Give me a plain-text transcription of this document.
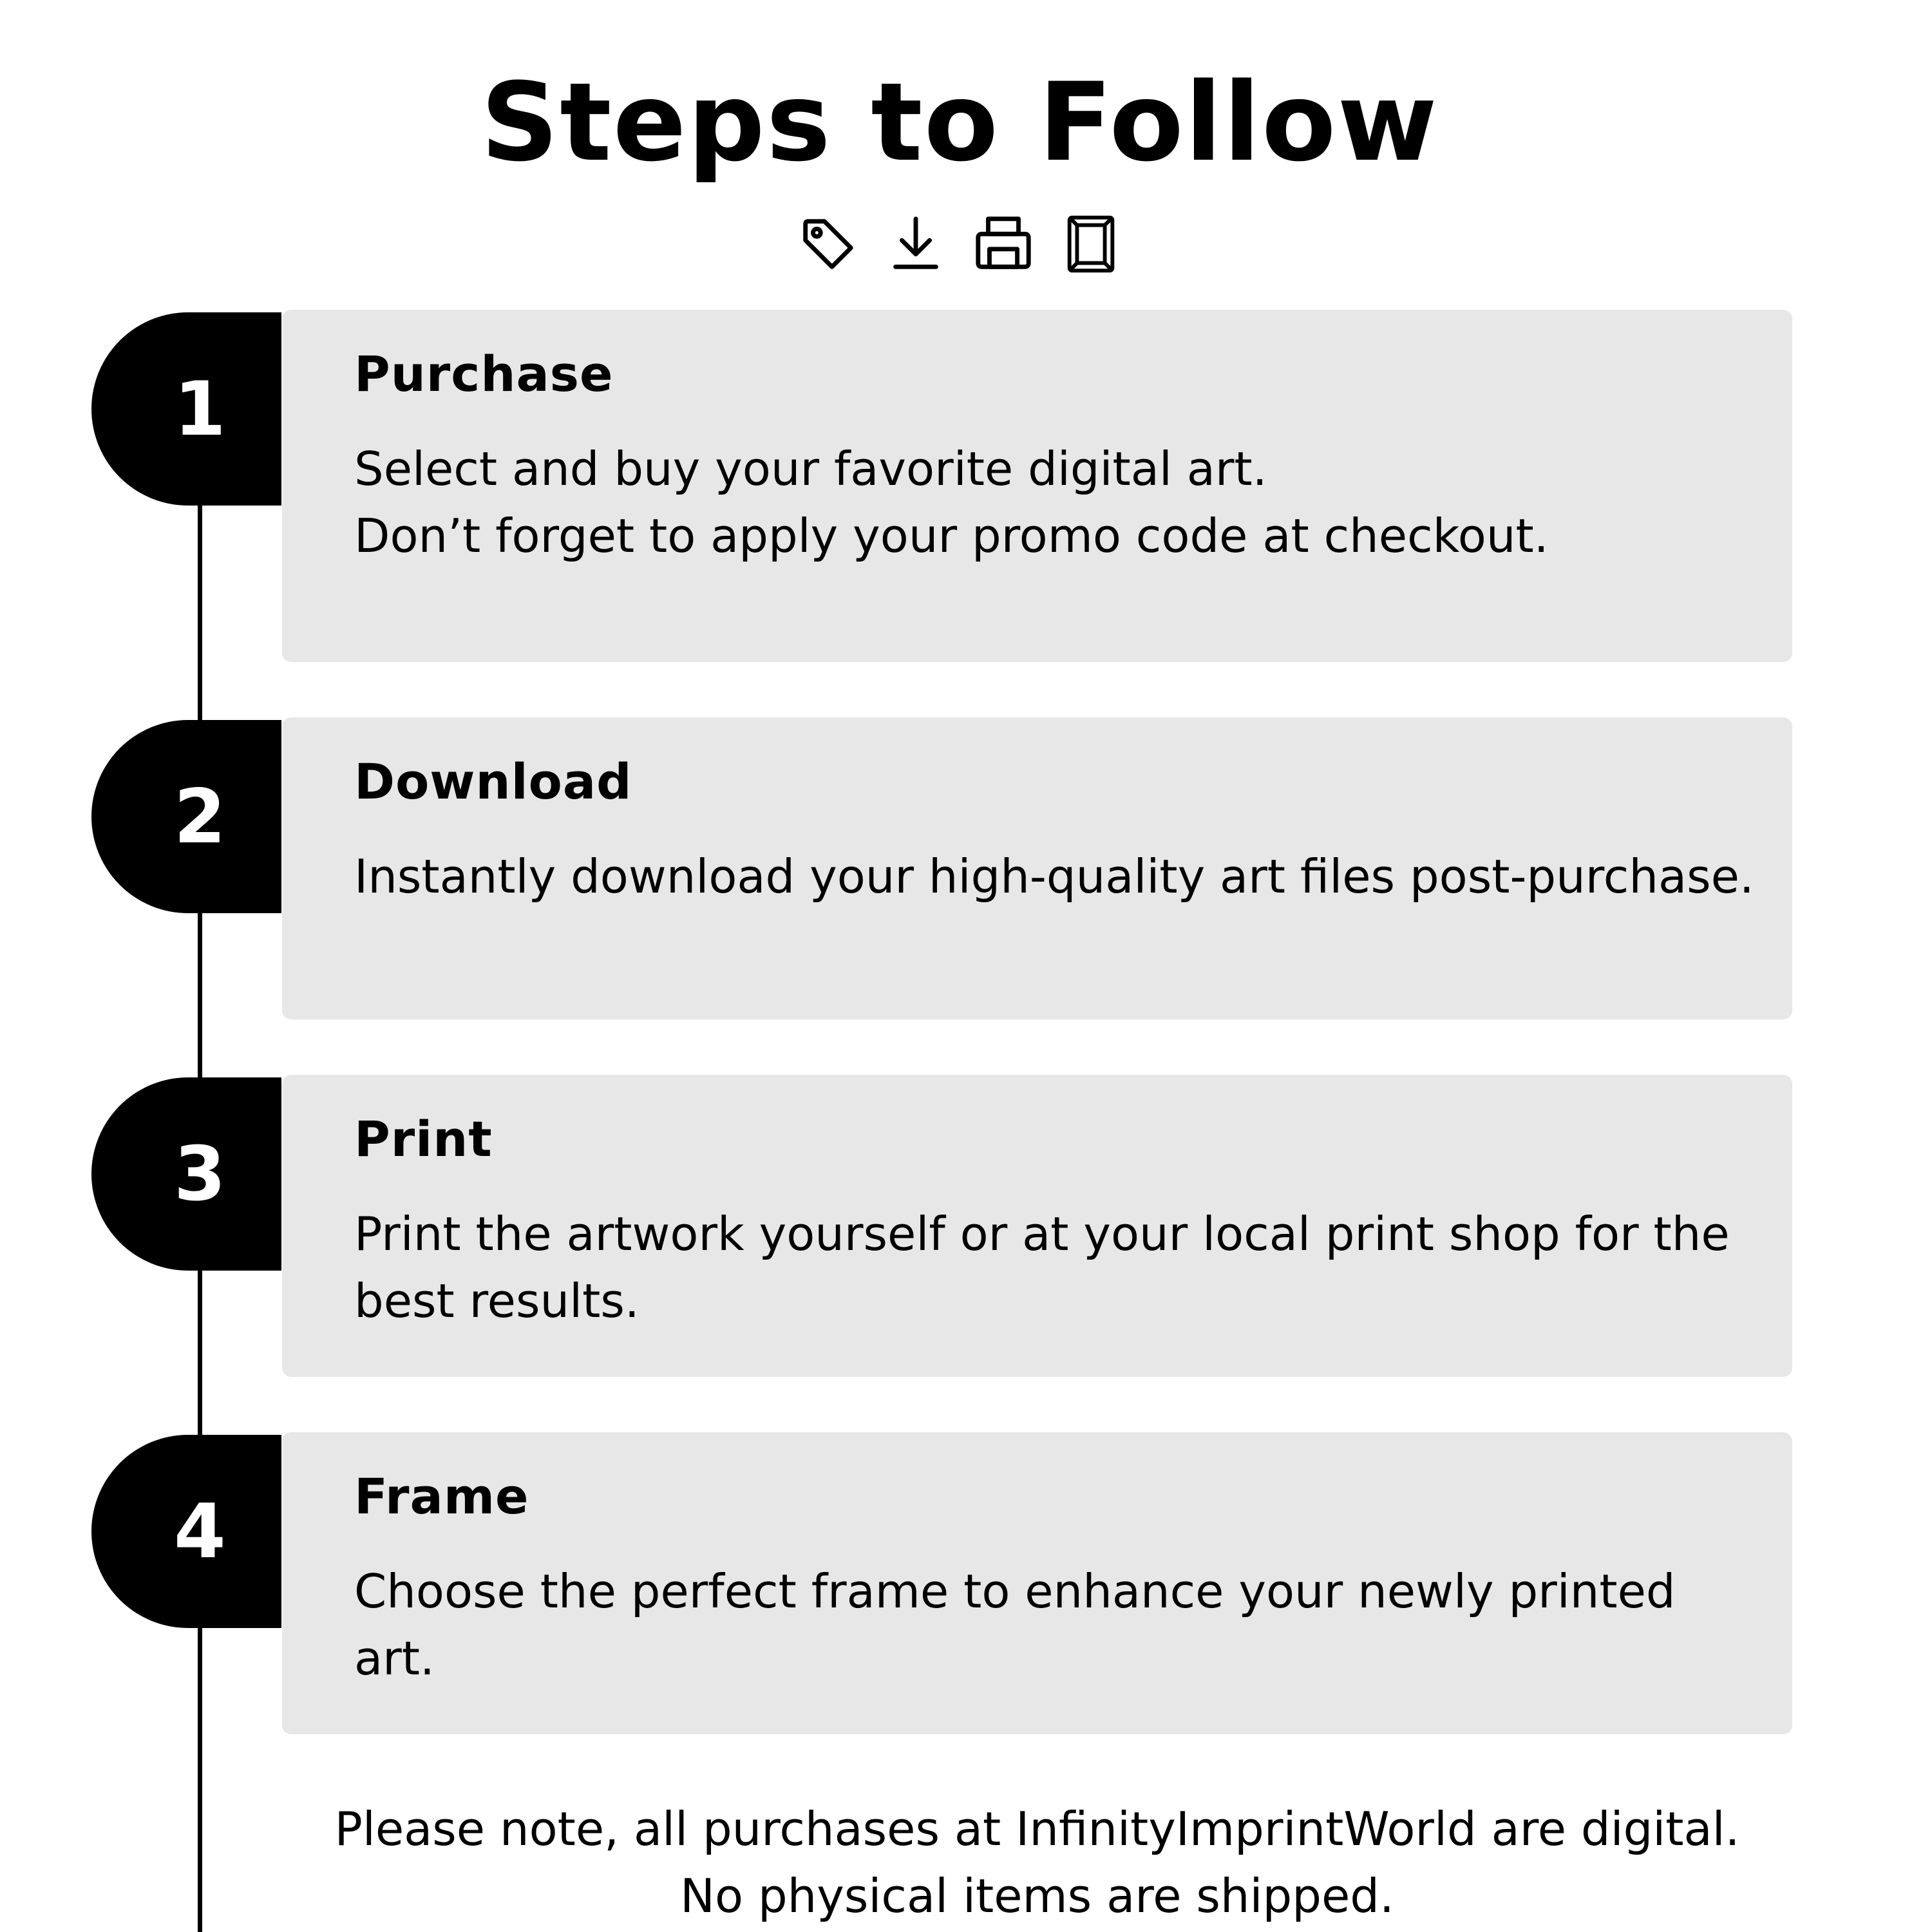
Steps to Follow
1	Purchase
Select and buy your favorite digital art.
Don’t forget to apply your promo code at checkout.
2	Download
Instantly download your high-quality art files post-purchase.
3	Print
Print the artwork yourself or at your local print shop for the
best results.
4	Frame
Choose the perfect frame to enhance your newly printed
art.
Please note, all purchases at InfinityImprintWorld are digital.
No physical items are shipped.
